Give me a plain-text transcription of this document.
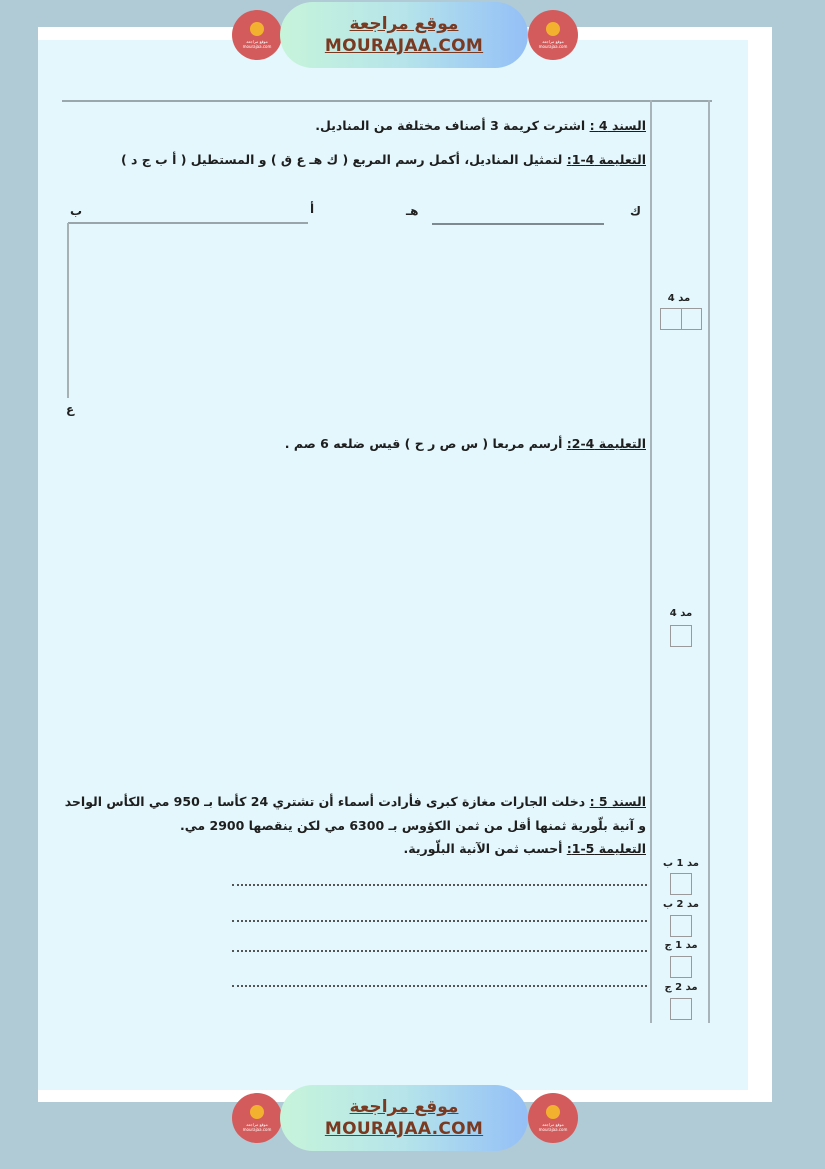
موقع مراجعة mourajaa.com
موقع مراجعة
MOURAJAA.COM	موقع مراجعة mourajaa.com
السند 4 : اشترت كريمة 3 أصناف مختلفة من المناديل.
التعليمة 4-1: لتمثيل المناديل، أكمل رسم المربع ( ك هـ ع ق ) و المستطيل ( أ ب ج د )
ك
هـ
أ
ب
ع
مد 4
التعليمة 4-2: أرسم مربعا ( س ص ر ح ) قيس ضلعه 6 صم .
مد 4
السند 5 : دخلت الجارات مغازة كبرى فأرادت أسماء أن تشتري 24 كأسا بـ 950 مي الكأس الواحد
و آنية بلّورية ثمنها أقل من ثمن الكؤوس بـ 6300 مي لكن ينقصها 2900 مي.
التعليمة 5-1: أحسب ثمن الآنية البلّورية.
مد 1 ب
مد 2 ب
مد 1 ج
مد 2 ج
موقع مراجعة mourajaa.com
موقع مراجعة
MOURAJAA.COM	موقع مراجعة mourajaa.com
